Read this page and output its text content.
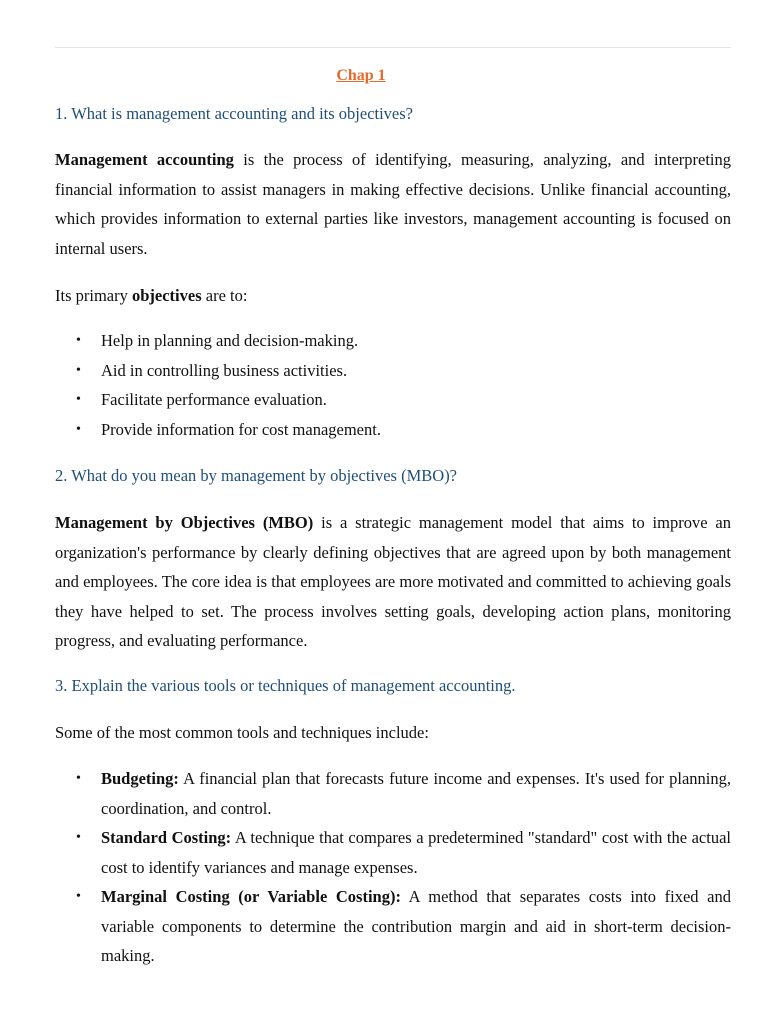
Chap 1
1. What is management accounting and its objectives?

Management accounting is the process of identifying, measuring, analyzing, and interpreting financial information to assist managers in making effective decisions. Unlike financial accounting, which provides information to external parties like investors, management accounting is focused on internal users.

Its primary objectives are to:
• Help in planning and decision-making.
• Aid in controlling business activities.
• Facilitate performance evaluation.
• Provide information for cost management.
2. What do you mean by management by objectives (MBO)?

Management by Objectives (MBO) is a strategic management model that aims to improve an organization's performance by clearly defining objectives that are agreed upon by both management and employees. The core idea is that employees are more motivated and committed to achieving goals they have helped to set. The process involves setting goals, developing action plans, monitoring progress, and evaluating performance.

3. Explain the various tools or techniques of management accounting.
Some of the most common tools and techniques include:
• Budgeting: A financial plan that forecasts future income and expenses. It's used for planning, coordination, and control.
• Standard Costing: A technique that compares a predetermined "standard" cost with the actual cost to identify variances and manage expenses.
• Marginal Costing (or Variable Costing): A method that separates costs into fixed and variable components to determine the contribution margin and aid in short-term decision-making.
